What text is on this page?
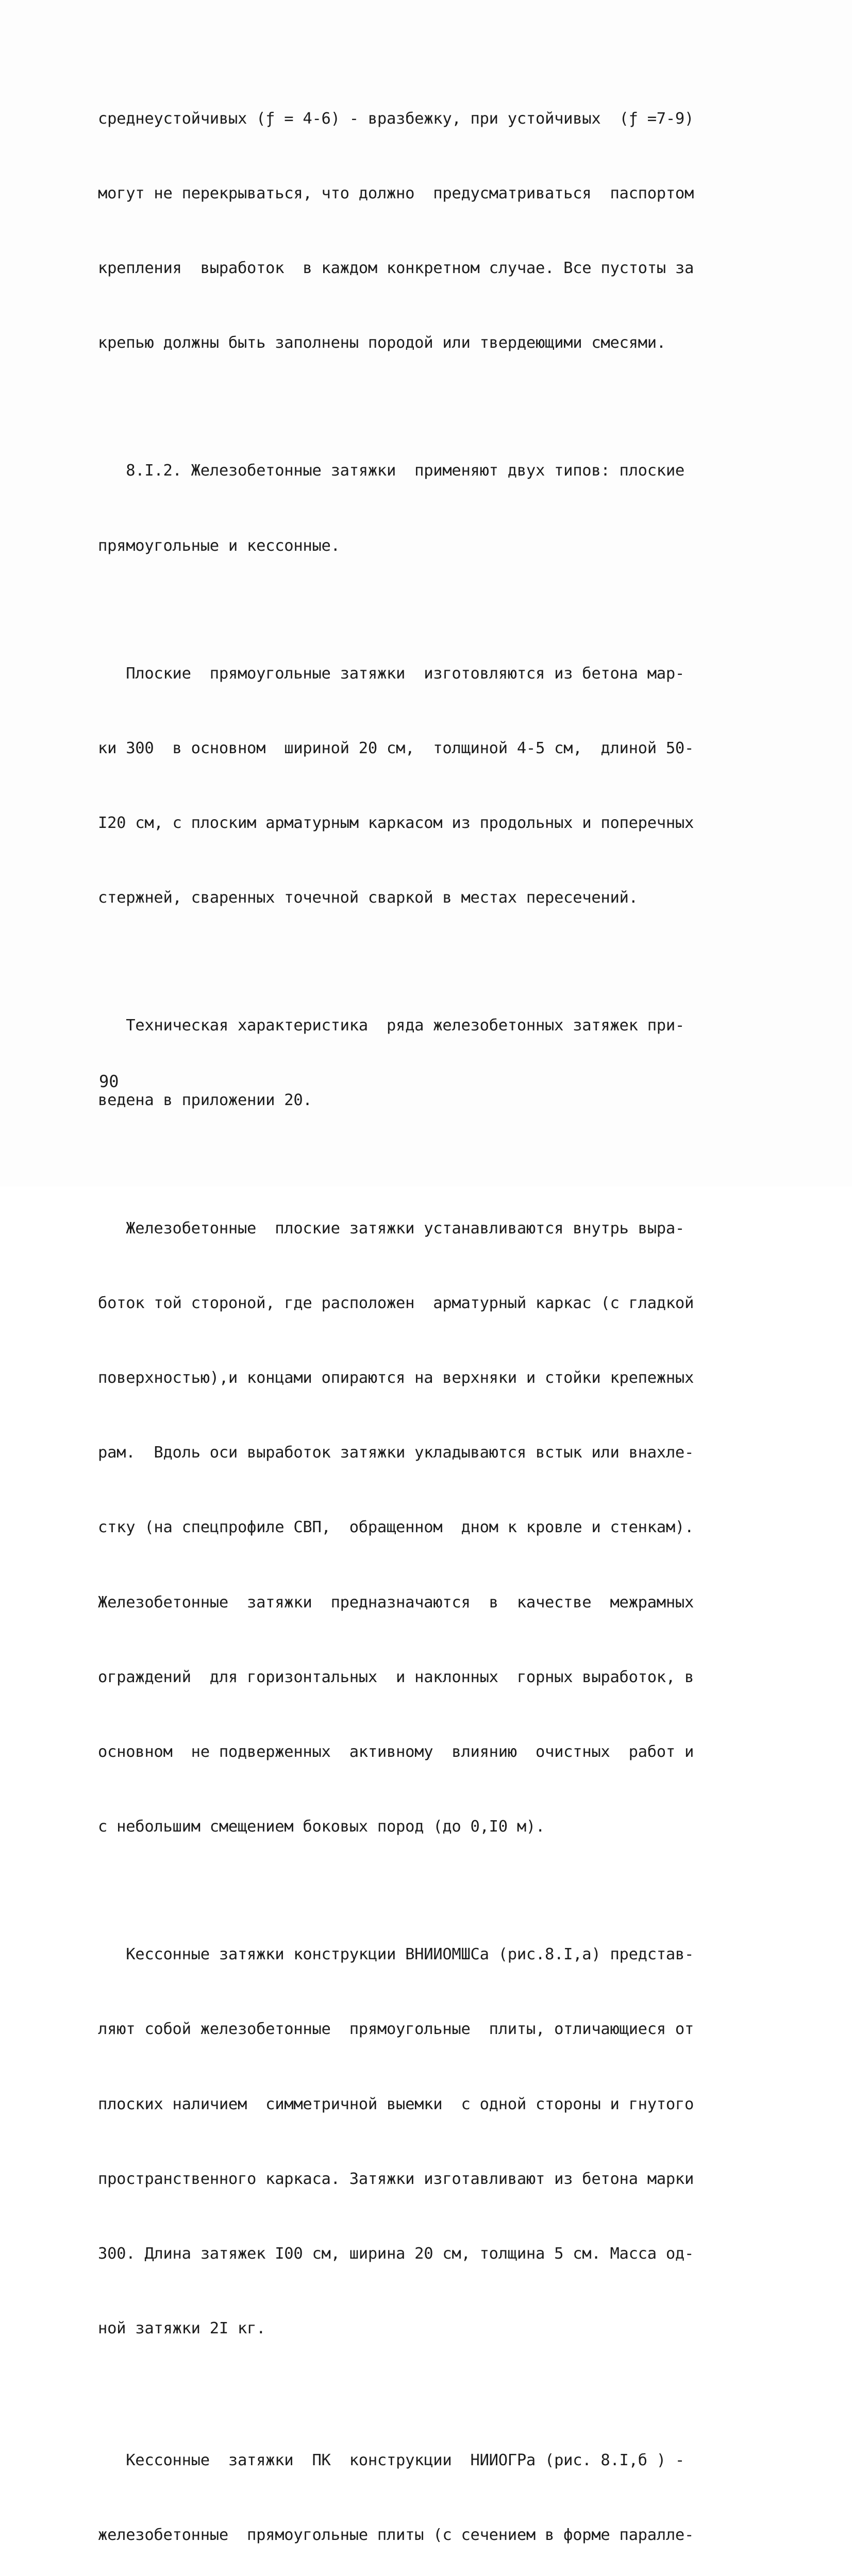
среднеустойчивых (ƒ = 4-6) - вразбежку, при устойчивых  (ƒ =7-9)

могут не перекрываться, что должно  предусматриваться  паспортом

крепления  выработок  в каждом конкретном случае. Все пустоты за

крепью должны быть заполнены породой или твердеющими смесями.

8.I.2. Железобетонные затяжки  применяют двух типов: плоские

прямоугольные и кессонные.

Плоские  прямоугольные затяжки  изготовляются из бетона мар-

ки 300  в основном  шириной 20 см,  толщиной 4-5 см,  длиной 50-

I20 см, с плоским арматурным каркасом из продольных и поперечных

стержней, сваренных точечной сваркой в местах пересечений.

Техническая характеристика  ряда железобетонных затяжек при-

ведена в приложении 20.

Железобетонные  плоские затяжки устанавливаются внутрь выра-

боток той стороной, где расположен  арматурный каркас (с гладкой

поверхностью),и концами опираются на верхняки и стойки крепежных

рам.  Вдоль оси выработок затяжки укладываются встык или внахле-

стку (на спецпрофиле СВП,  обращенном  дном к кровле и стенкам).

Железобетонные  затяжки  предназначаются  в  качестве  межрамных

ограждений  для горизонтальных  и наклонных  горных выработок, в

основном  не подверженных  активному  влиянию  очистных  работ и

с небольшим смещением боковых пород (до 0,I0 м).

Кессонные затяжки конструкции ВНИИОМШСа (рис.8.I,а) представ-

ляют собой железобетонные  прямоугольные  плиты, отличающиеся от

плоских наличием  симметричной выемки  с одной стороны и гнутого

пространственного каркаса. Затяжки изготавливают из бетона марки

300. Длина затяжек I00 см, ширина 20 см, толщина 5 см. Масса од-

ной затяжки 2I кг.

Кессонные  затяжки  ПК  конструкции  НИИОГРа (рис. 8.I,б ) -

железобетонные  прямоугольные плиты (с сечением в форме паралле-

90
